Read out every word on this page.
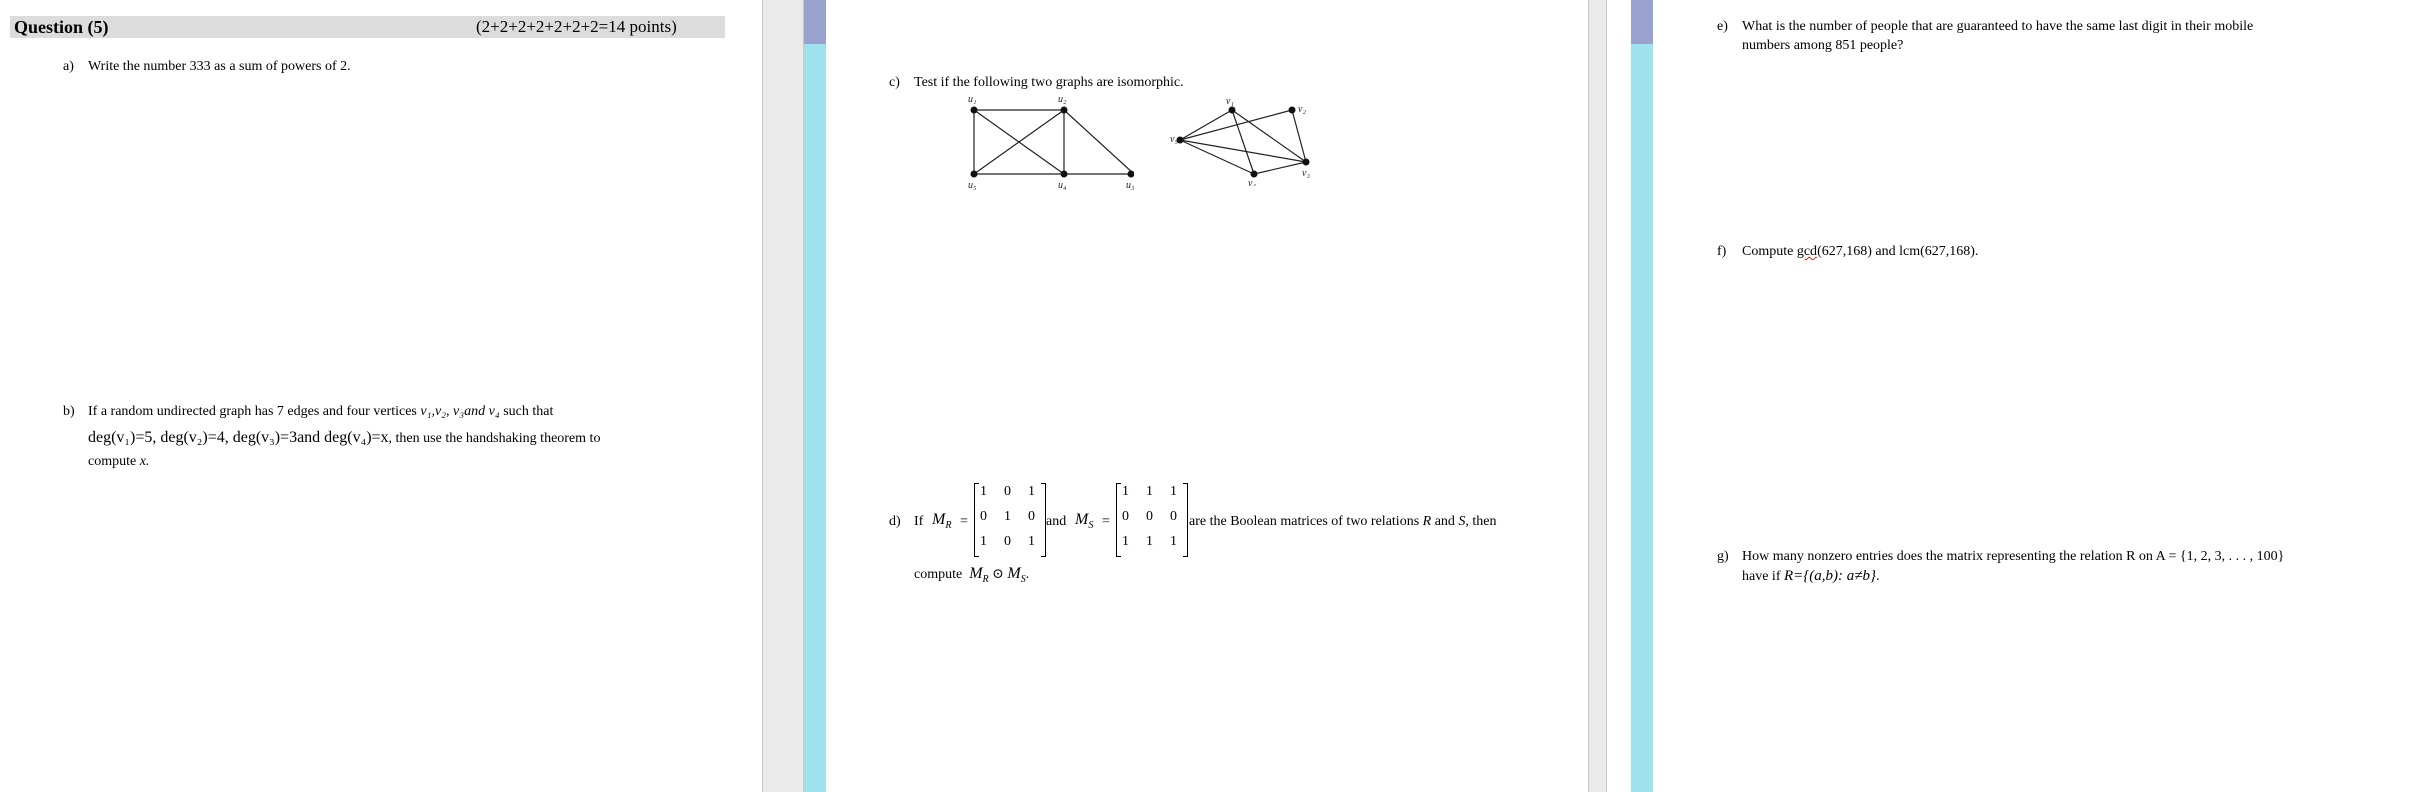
Question (5)	(2+2+2+2+2+2+2=14 points)
a) Write the number 333 as a sum of powers of 2.
b) If a random undirected graph has 7 edges and four vertices v₁,v₂, v₃and v₄ such that
deg(v₁)=5, deg(v₂)=4, deg(v₃)=3and deg(v₄)=x, then use the handshaking theorem to
compute x.
c) Test if the following two graphs are isomorphic.
u₁	u₂
u₃
u₄
u₅
v₁
v₂
v₃
v₄
v₅
d) If $M_R$ =
1 0 1
0 1 0
1 0 1
and $M_S$ =
1 1 1
0 0 0
1 1 1
are the Boolean matrices of two relations R and S, then
compute $M_R$ ⊙ $M_S$.
e) What is the number of people that are guaranteed to have the same last digit in their mobile
numbers among 851 people?
f) Compute gcd(627,168) and lcm(627,168).
g) How many nonzero entries does the matrix representing the relation R on A = {1, 2, 3, . . . , 100}
have if R={(a,b): a≠b}.
